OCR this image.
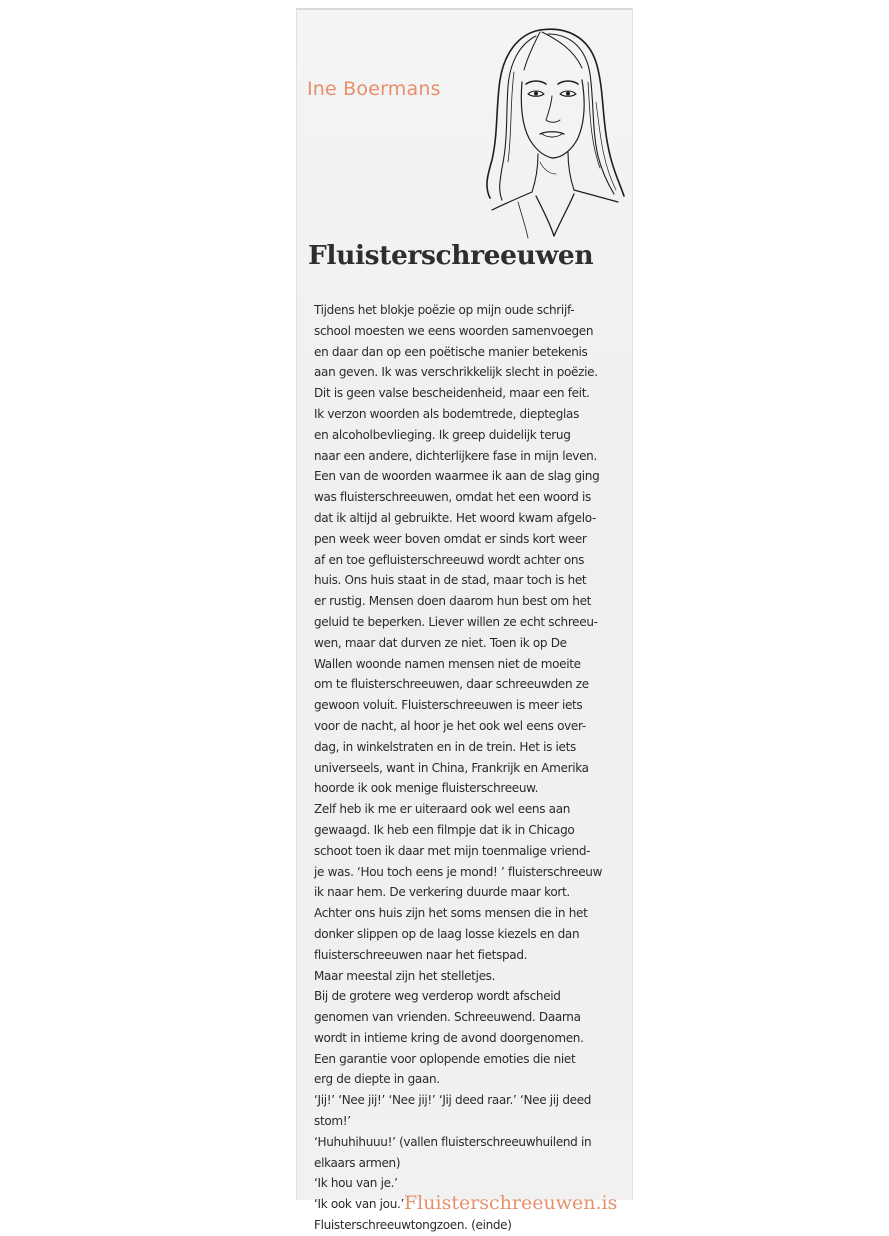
Ine Boermans
Fluisterschreeuwen
Tijdens het blokje poëzie op mijn oude schrijf-
school moesten we eens woorden samenvoegen
en daar dan op een poëtische manier betekenis
aan geven. Ik was verschrikkelijk slecht in poëzie.
Dit is geen valse bescheidenheid, maar een feit.
Ik verzon woorden als bodemtrede, diepteglas
en alcoholbevlieging. Ik greep duidelijk terug
naar een andere, dichterlijkere fase in mijn leven.
Een van de woorden waarmee ik aan de slag ging
was fluisterschreeuwen, omdat het een woord is
dat ik altijd al gebruikte. Het woord kwam afgelo-
pen week weer boven omdat er sinds kort weer
af en toe gefluisterschreeuwd wordt achter ons
huis. Ons huis staat in de stad, maar toch is het
er rustig. Mensen doen daarom hun best om het
geluid te beperken. Liever willen ze echt schreeu-
wen, maar dat durven ze niet. Toen ik op De
Wallen woonde namen mensen niet de moeite
om te fluisterschreeuwen, daar schreeuwden ze
gewoon voluit. Fluisterschreeuwen is meer iets
voor de nacht, al hoor je het ook wel eens over-
dag, in winkelstraten en in de trein. Het is iets
universeels, want in China, Frankrijk en Amerika
hoorde ik ook menige fluisterschreeuw.
Zelf heb ik me er uiteraard ook wel eens aan
gewaagd. Ik heb een filmpje dat ik in Chicago
schoot toen ik daar met mijn toenmalige vriend-
je was. ‘Hou toch eens je mond! ’ fluisterschreeuw
ik naar hem. De verkering duurde maar kort.
Achter ons huis zijn het soms mensen die in het
donker slippen op de laag losse kiezels en dan
fluisterschreeuwen naar het fietspad.
Maar meestal zijn het stelletjes.
Bij de grotere weg verderop wordt afscheid
genomen van vrienden. Schreeuwend. Daarna
wordt in intieme kring de avond doorgenomen.
Een garantie voor oplopende emoties die niet
erg de diepte in gaan.
‘Jij!’ ‘Nee jij!’ ‘Nee jij!’ ‘Jij deed raar.’ ‘Nee jij deed
stom!’
‘Huhuhihuuu!’ (vallen fluisterschreeuwhuilend in
elkaars armen)
‘Ik hou van je.’
‘Ik ook van jou.’
Fluisterschreeuwtongzoen. (einde)
Fluisterschreeuwen.is
